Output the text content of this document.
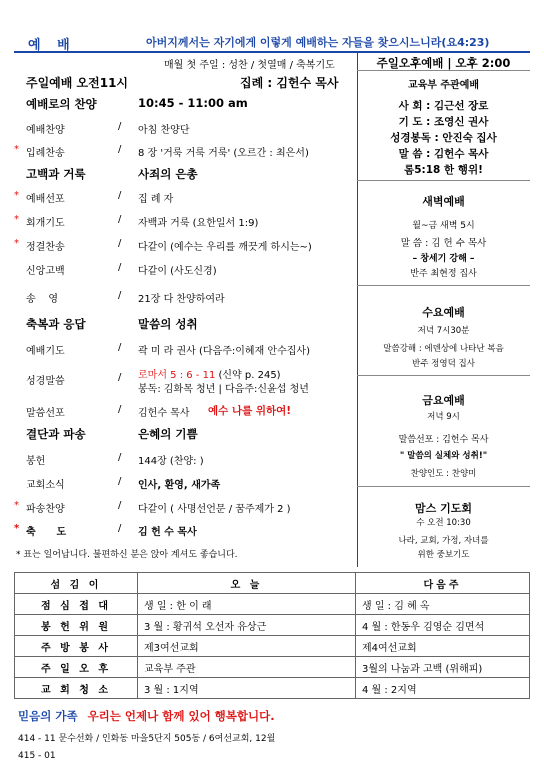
예 배	아버지께서는 자기에게 이렇게 예배하는 자들을 찾으시느니라(요4:23)
매월 첫 주일 : 성찬 / 첫열매 / 축복기도
주일예배 오전11시	집례 : 김헌수 목사
예배로의 찬양	10:45 - 11:00 am
예배찬양	/ 아침 찬양단
* 입례찬송	/ 8 장 '거룩 거룩 거룩' (오르간 : 최은서)
고백과 거룩	사죄의 은총
* 예배선포	/ 집 례 자
* 회개기도	/ 자백과 거룩 (요한일서 1:9)
* 정결찬송	/ 다같이 (예수는 우리를 깨끗게 하시는~)
신앙고백	/ 다같이 (사도신경)
송    영	/ 21장 다 찬양하여라
축복과 응답	말씀의 성취
예배기도	/ 곽 미 라 권사 (다음주:이혜재 안수집사)
성경말씀	/ 로마서 5 : 6 - 11 (신약 p. 245)
봉독: 김화목 청년 | 다음주:신윤섭 청년
말씀선포	/ 김헌수 목사 예수 나를 위하여!
결단과 파송	은혜의 기쁨
봉헌	/ 144장 (찬양: )
교회소식	/ 인사, 환영, 새가족
* 파송찬양	/ 다같이 ( 사명선언문 / 꿈주제가 2 )
* 축      도	/ 김 헌 수 목사
* 표는 일어납니다. 불편하신 분은 앉아 계셔도 좋습니다.
주일오후예배 | 오후 2:00
교육부 주관예배
사 회 : 김근선 장로
기 도 : 조영신 권사
성경봉독 : 안진숙 집사
말 씀 : 김헌수 목사
롬5:18 한 행위!
새벽예배
월~금 새벽 5시
말 씀 : 김 헌 수 목사
– 창세기 강해 –
반주 최현정 집사
수요예배
저녁 7시30분
말씀강해 : 에덴상에 나타난 복음
반주 정영덕 집사
금요예배
저녁 9시
말씀선포 : 김헌수 목사
" 말씀의 실체와 성취!"
찬양인도 : 찬양미
맘스 기도회
수 오전 10:30
나라, 교회, 가정, 자녀를
위한 중보기도
섬 김 이	오 늘	다음주
점 심 접 대	생 일 : 한 이 래	생 일 : 김 혜 옥
봉 헌 위 원	3 월 : 황귀석 오선자 유상근	4 월 : 한동우 김영순 김면석
주 방 봉 사	제3여선교회	제4여선교회
주 일 오 후	교육부 주관	3월의 나눔과 고백 (위해피)
교 회 청 소	3 월 : 1지역	4 월 : 2지역
믿음의 가족 우리는 언제나 함께 있어 행복합니다.
414 - 11 문수선화 / 인화동 마을5단지 505동 / 6여선교회, 12월
415 - 01
